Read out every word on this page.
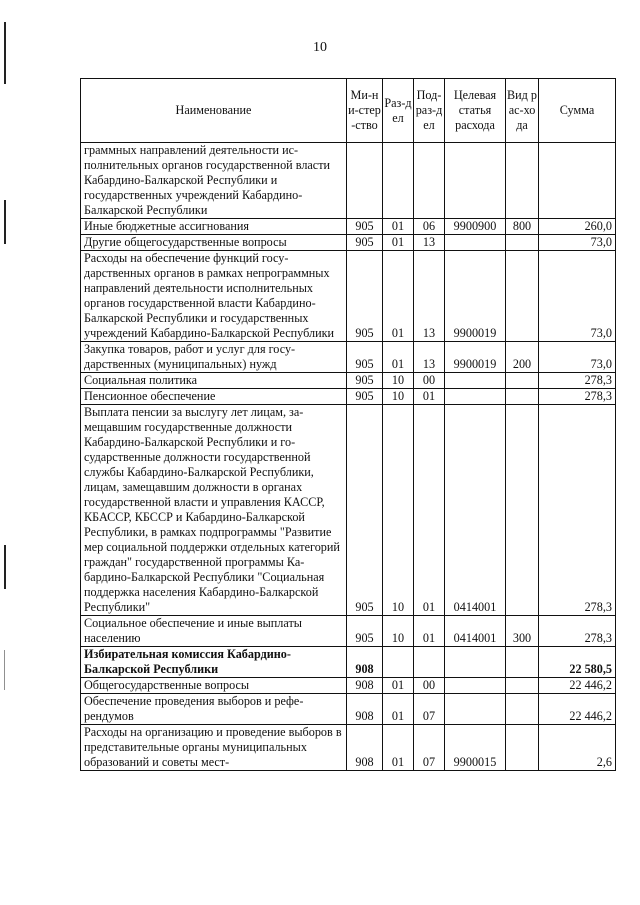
10
Наименование	Ми-ни-стер-ство	Раз-дел	Под-раз-дел	Целевая статья расхода	Вид рас-хода	Сумма
граммных направлений деятельности исполнительных органов государственной власти Кабардино-Балкарской Республики и государственных учреждений Кабардино-Балкарской Республики						
Иные бюджетные ассигнования	905	01	06	9900900	800	260,0
Другие общегосударственные вопросы	905	01	13			73,0
Расходы на обеспечение функций государственных органов в рамках непрограммных направлений деятельности исполнительных органов государственной власти Кабардино-Балкарской Республики и государственных учреждений Кабардино-Балкарской Республики	905	01	13	9900019		73,0
Закупка товаров, работ и услуг для государственных (муниципальных) нужд	905	01	13	9900019	200	73,0
Социальная политика	905	10	00			278,3
Пенсионное обеспечение	905	10	01			278,3
Выплата пенсии за выслугу лет лицам, замещавшим государственные должности Кабардино-Балкарской Республики и государственные должности государственной службы Кабардино-Балкарской Республики, лицам, замещавшим должности в органах государственной власти и управления КАССР, КБАССР, КБССР и Кабардино-Балкарской Республики, в рамках подпрограммы "Развитие мер социальной поддержки отдельных категорий граждан" государственной программы Кабардино-Балкарской Республики "Социальная поддержка населения Кабардино-Балкарской Республики"	905	10	01	0414001		278,3
Социальное обеспечение и иные выплаты населению	905	10	01	0414001	300	278,3
Избирательная комиссия Кабардино-Балкарской Республики	908					22 580,5
Общегосударственные вопросы	908	01	00			22 446,2
Обеспечение проведения выборов и референдумов	908	01	07			22 446,2
Расходы на организацию и проведение выборов в представительные органы муниципальных образований и советы мест-	908	01	07	9900015		2,6
